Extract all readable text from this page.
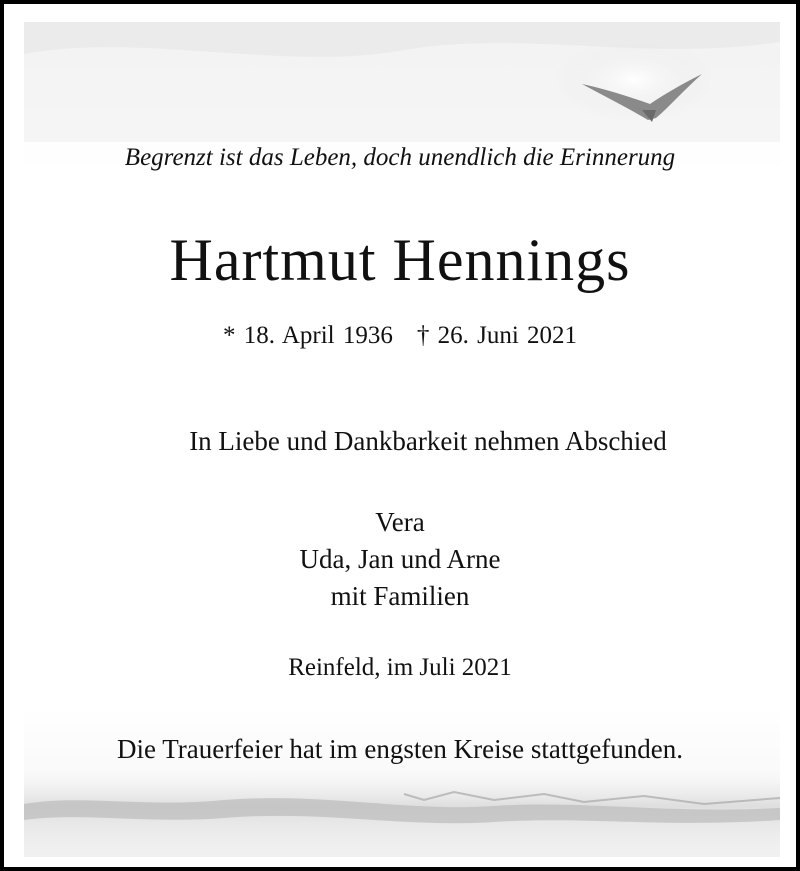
Begrenzt ist das Leben, doch unendlich die Erinnerung
Hartmut Hennings
* 18. April 1936 † 26. Juni 2021
In Liebe und Dankbarkeit nehmen Abschied
Vera
Uda, Jan und Arne
mit Familien
Reinfeld, im Juli 2021
Die Trauerfeier hat im engsten Kreise stattgefunden.
